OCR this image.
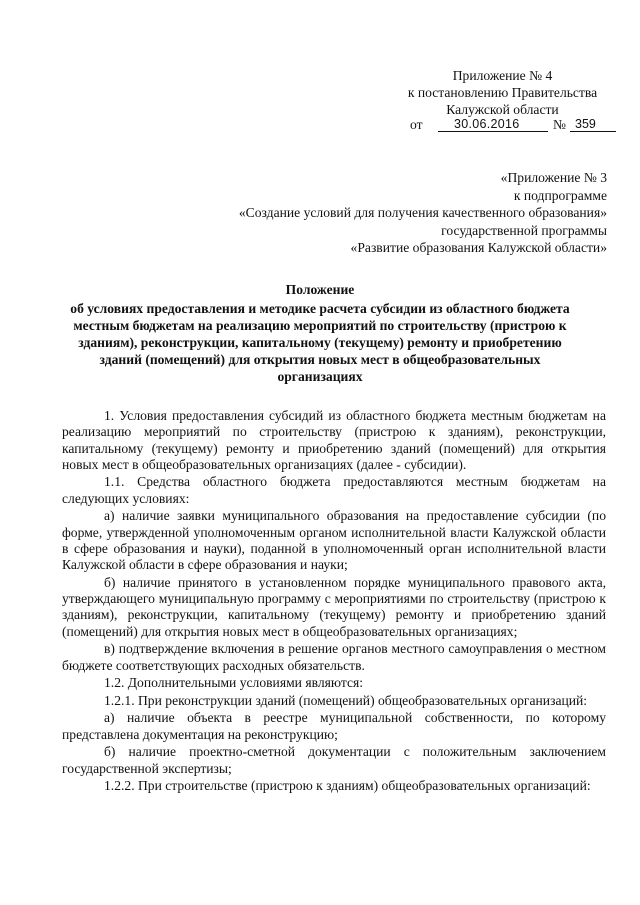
Приложение № 4
к постановлению Правительства
Калужской области
от	30.06.2016 № 359
«Приложение № 3
к подпрограмме
«Создание условий для получения качественного образования»
государственной программы
«Развитие образования Калужской области»
Положение
об условиях предоставления и методике расчета субсидии из областного бюджета местным бюджетам на реализацию мероприятий по строительству (пристрою к зданиям), реконструкции, капитальному (текущему) ремонту и приобретению зданий (помещений) для открытия новых мест в общеобразовательных организациях

1. Условия предоставления субсидий из областного бюджета местным бюджетам на реализацию мероприятий по строительству (пристрою к зданиям), реконструкции, капитальному (текущему) ремонту и приобретению зданий (помещений) для открытия новых мест в общеобразовательных организациях (далее - субсидии).

1.1. Средства областного бюджета предоставляются местным бюджетам на следующих условиях:

а) наличие заявки муниципального образования на предоставление субсидии (по форме, утвержденной уполномоченным органом исполнительной власти Калужской области в сфере образования и науки), поданной в уполномоченный орган исполнительной власти Калужской области в сфере образования и науки;

б) наличие принятого в установленном порядке муниципального правового акта, утверждающего муниципальную программу с мероприятиями по строительству (пристрою к зданиям), реконструкции, капитальному (текущему) ремонту и приобретению зданий (помещений) для открытия новых мест в общеобразовательных организациях;

в) подтверждение включения в решение органов местного самоуправления о местном бюджете соответствующих расходных обязательств.

1.2. Дополнительными условиями являются:

1.2.1. При реконструкции зданий (помещений) общеобразовательных организаций:

а) наличие объекта в реестре муниципальной собственности, по которому представлена документация на реконструкцию;

б) наличие проектно-сметной документации с положительным заключением государственной экспертизы;

1.2.2. При строительстве (пристрою к зданиям) общеобразовательных организаций:
